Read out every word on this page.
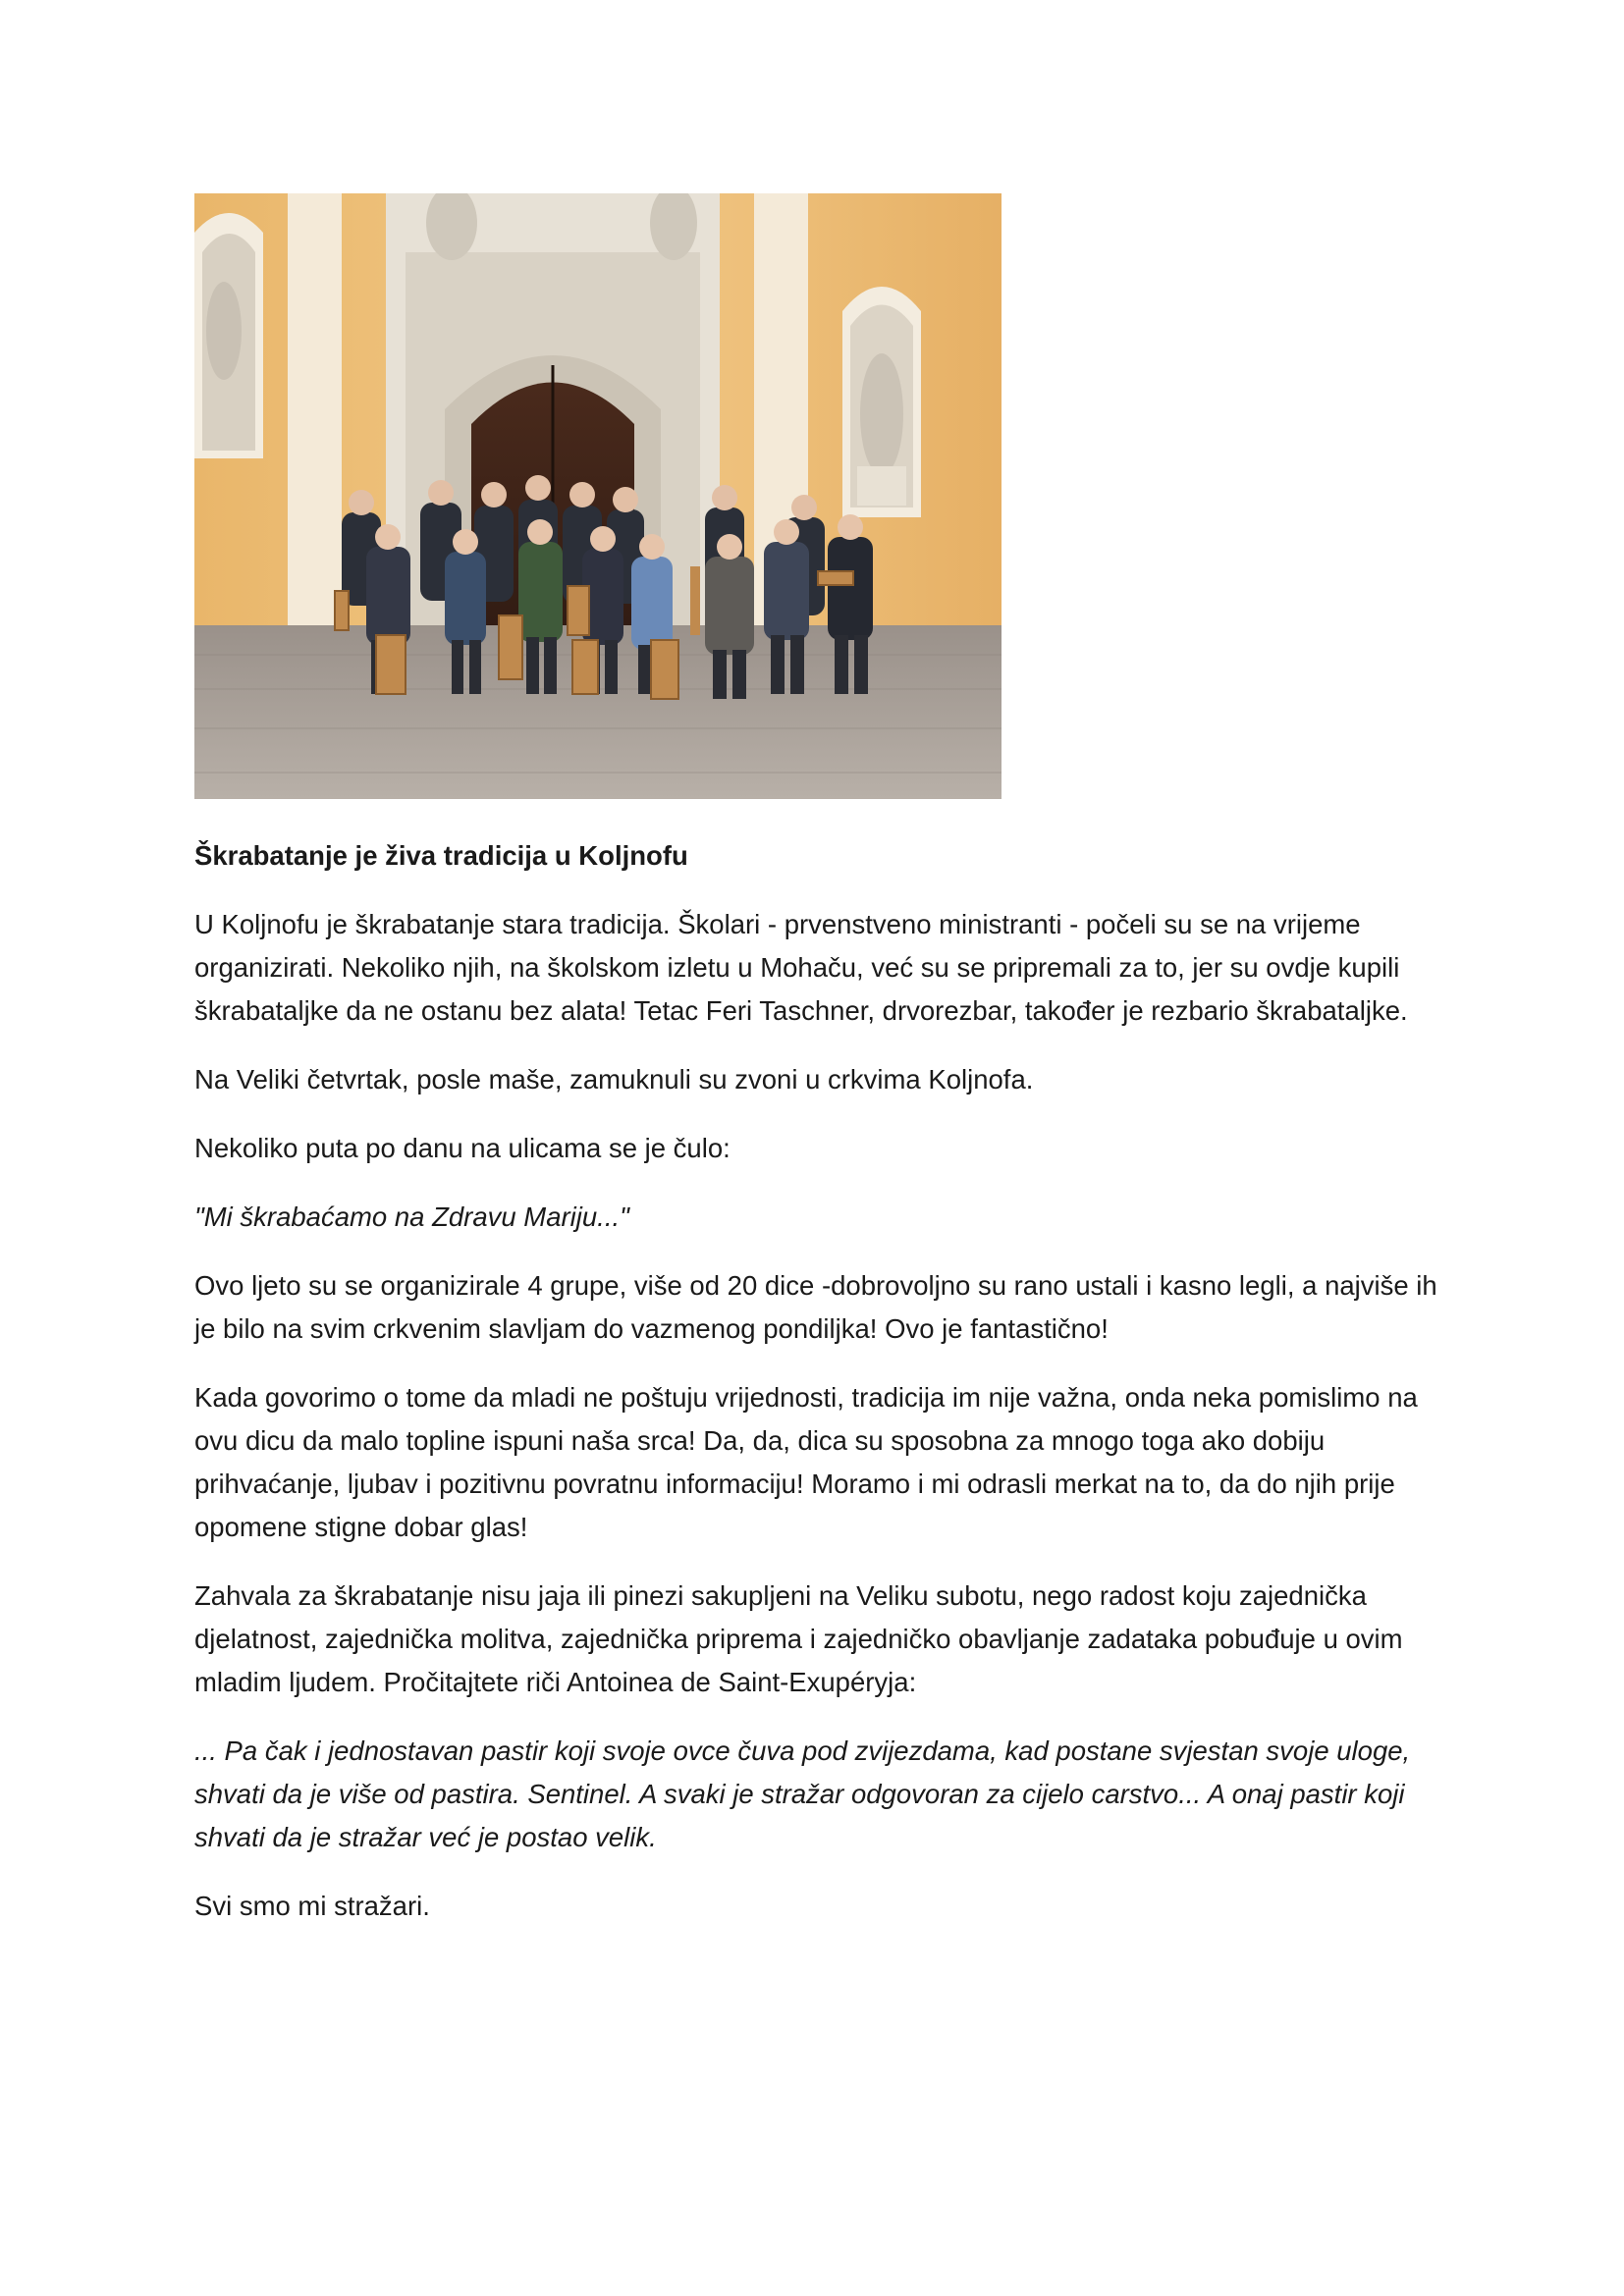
Škrabatanje je živa tradicija u Koljnofu

U Koljnofu je škrabatanje stara tradicija. Školari - prvenstveno ministranti - počeli su se na vrijeme organizirati. Nekoliko njih, na školskom izletu u Mohaču, već su se pripremali za to, jer su ovdje kupili škrabataljke da ne ostanu bez alata! Tetac Feri Taschner, drvorezbar, također je rezbario škrabataljke.

Na Veliki četvrtak, posle maše, zamuknuli su zvoni u crkvima Koljnofa.

Nekoliko puta po danu na ulicama se je čulo:

"Mi škrabaćamo na Zdravu Mariju..."

Ovo ljeto su se organizirale 4 grupe, više od 20 dice -dobrovoljno su rano ustali i kasno legli, a najviše ih je bilo na svim crkvenim slavljam do vazmenog pondiljka! Ovo je fantastično!

Kada govorimo o tome da mladi ne poštuju vrijednosti, tradicija im nije važna, onda neka pomislimo na ovu dicu da malo topline ispuni naša srca! Da, da, dica su sposobna za mnogo toga ako dobiju prihvaćanje, ljubav i pozitivnu povratnu informaciju! Moramo i mi odrasli merkat na to, da do njih prije opomene stigne dobar glas!

Zahvala za škrabatanje nisu jaja ili pinezi sakupljeni na Veliku subotu, nego radost koju zajednička djelatnost, zajednička molitva, zajednička priprema i zajedničko obavljanje zadataka pobuđuje u ovim mladim ljudem. Pročitajtete riči Antoinea de Saint-Exupéryja:

... Pa čak i jednostavan pastir koji svoje ovce čuva pod zvijezdama, kad postane svjestan svoje uloge, shvati da je više od pastira. Sentinel. A svaki je stražar odgovoran za cijelo carstvo... A onaj pastir koji shvati da je stražar već je postao velik.

Svi smo mi stražari.
